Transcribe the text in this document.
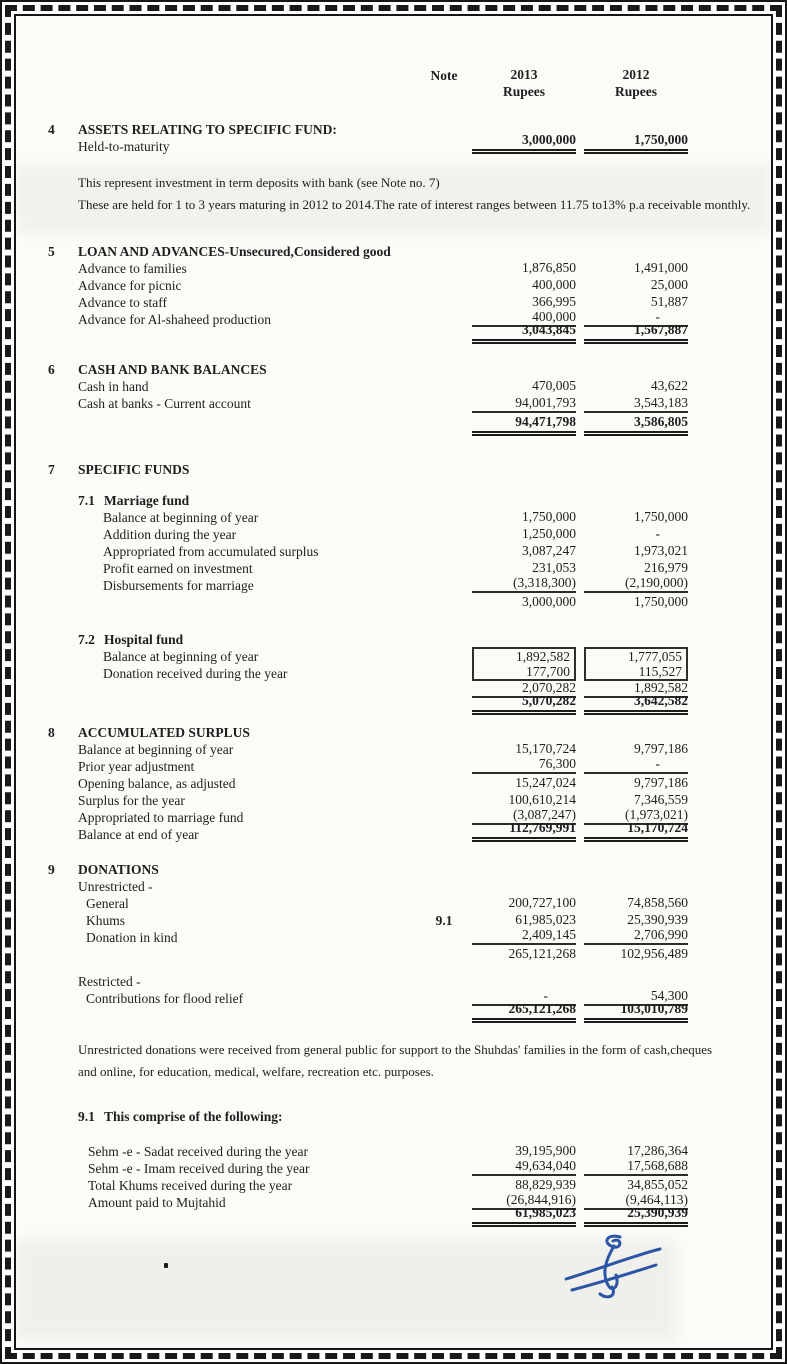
Note	2013	2012
Rupees	Rupees
4	ASSETS RELATING TO SPECIFIC FUND:
Held-to-maturity	3,000,000	1,750,000
This represent investment in term deposits with bank (see Note no. 7)
These are held for 1 to 3 years maturing in 2012 to 2014.The rate of interest ranges between 11.75 to13% p.a receivable monthly.
5	LOAN AND ADVANCES-Unsecured,Considered good
Advance to families	1,876,850	1,491,000
Advance for picnic	400,000	25,000
Advance to staff	366,995	51,887
Advance for Al-shaheed production	400,000	-
3,043,845	1,567,887
6	CASH AND BANK BALANCES
Cash in hand	470,005	43,622
Cash at banks - Current account	94,001,793	3,543,183
94,471,798	3,586,805
7	SPECIFIC FUNDS
7.1 Marriage fund
Balance at beginning of year	1,750,000	1,750,000
Addition during the year	1,250,000	-
Appropriated from accumulated surplus	3,087,247	1,973,021
Profit earned on investment	231,053	216,979
Disbursements for marriage	(3,318,300)	(2,190,000)
3,000,000	1,750,000
7.2 Hospital fund
Balance at beginning of year	1,892,582	1,777,055
Donation received during the year	177,700	115,527
2,070,282	1,892,582
5,070,282	3,642,582
8	ACCUMULATED SURPLUS
Balance at beginning of year	15,170,724	9,797,186
Prior year adjustment	76,300	-
Opening balance, as adjusted	15,247,024	9,797,186
Surplus for the year	100,610,214	7,346,559
Appropriated to marriage fund	(3,087,247)	(1,973,021)
Balance at end of year	112,769,991	15,170,724
9	DONATIONS
Unrestricted -
General	200,727,100	74,858,560
Khums	9.1	61,985,023	25,390,939
Donation in kind	2,409,145	2,706,990
265,121,268	102,956,489
Restricted -
Contributions for flood relief	-	54,300
265,121,268	103,010,789
Unrestricted donations were received from general public for support to the Shuhdas' families in the form of cash,cheques
and online, for education, medical, welfare, recreation etc. purposes.
9.1 This comprise of the following:
Sehm -e - Sadat received during the year	39,195,900	17,286,364
Sehm -e - Imam received during the year	49,634,040	17,568,688
Total Khums received during the year	88,829,939	34,855,052
Amount paid to Mujtahid	(26,844,916)	(9,464,113)
61,985,023	25,390,939
